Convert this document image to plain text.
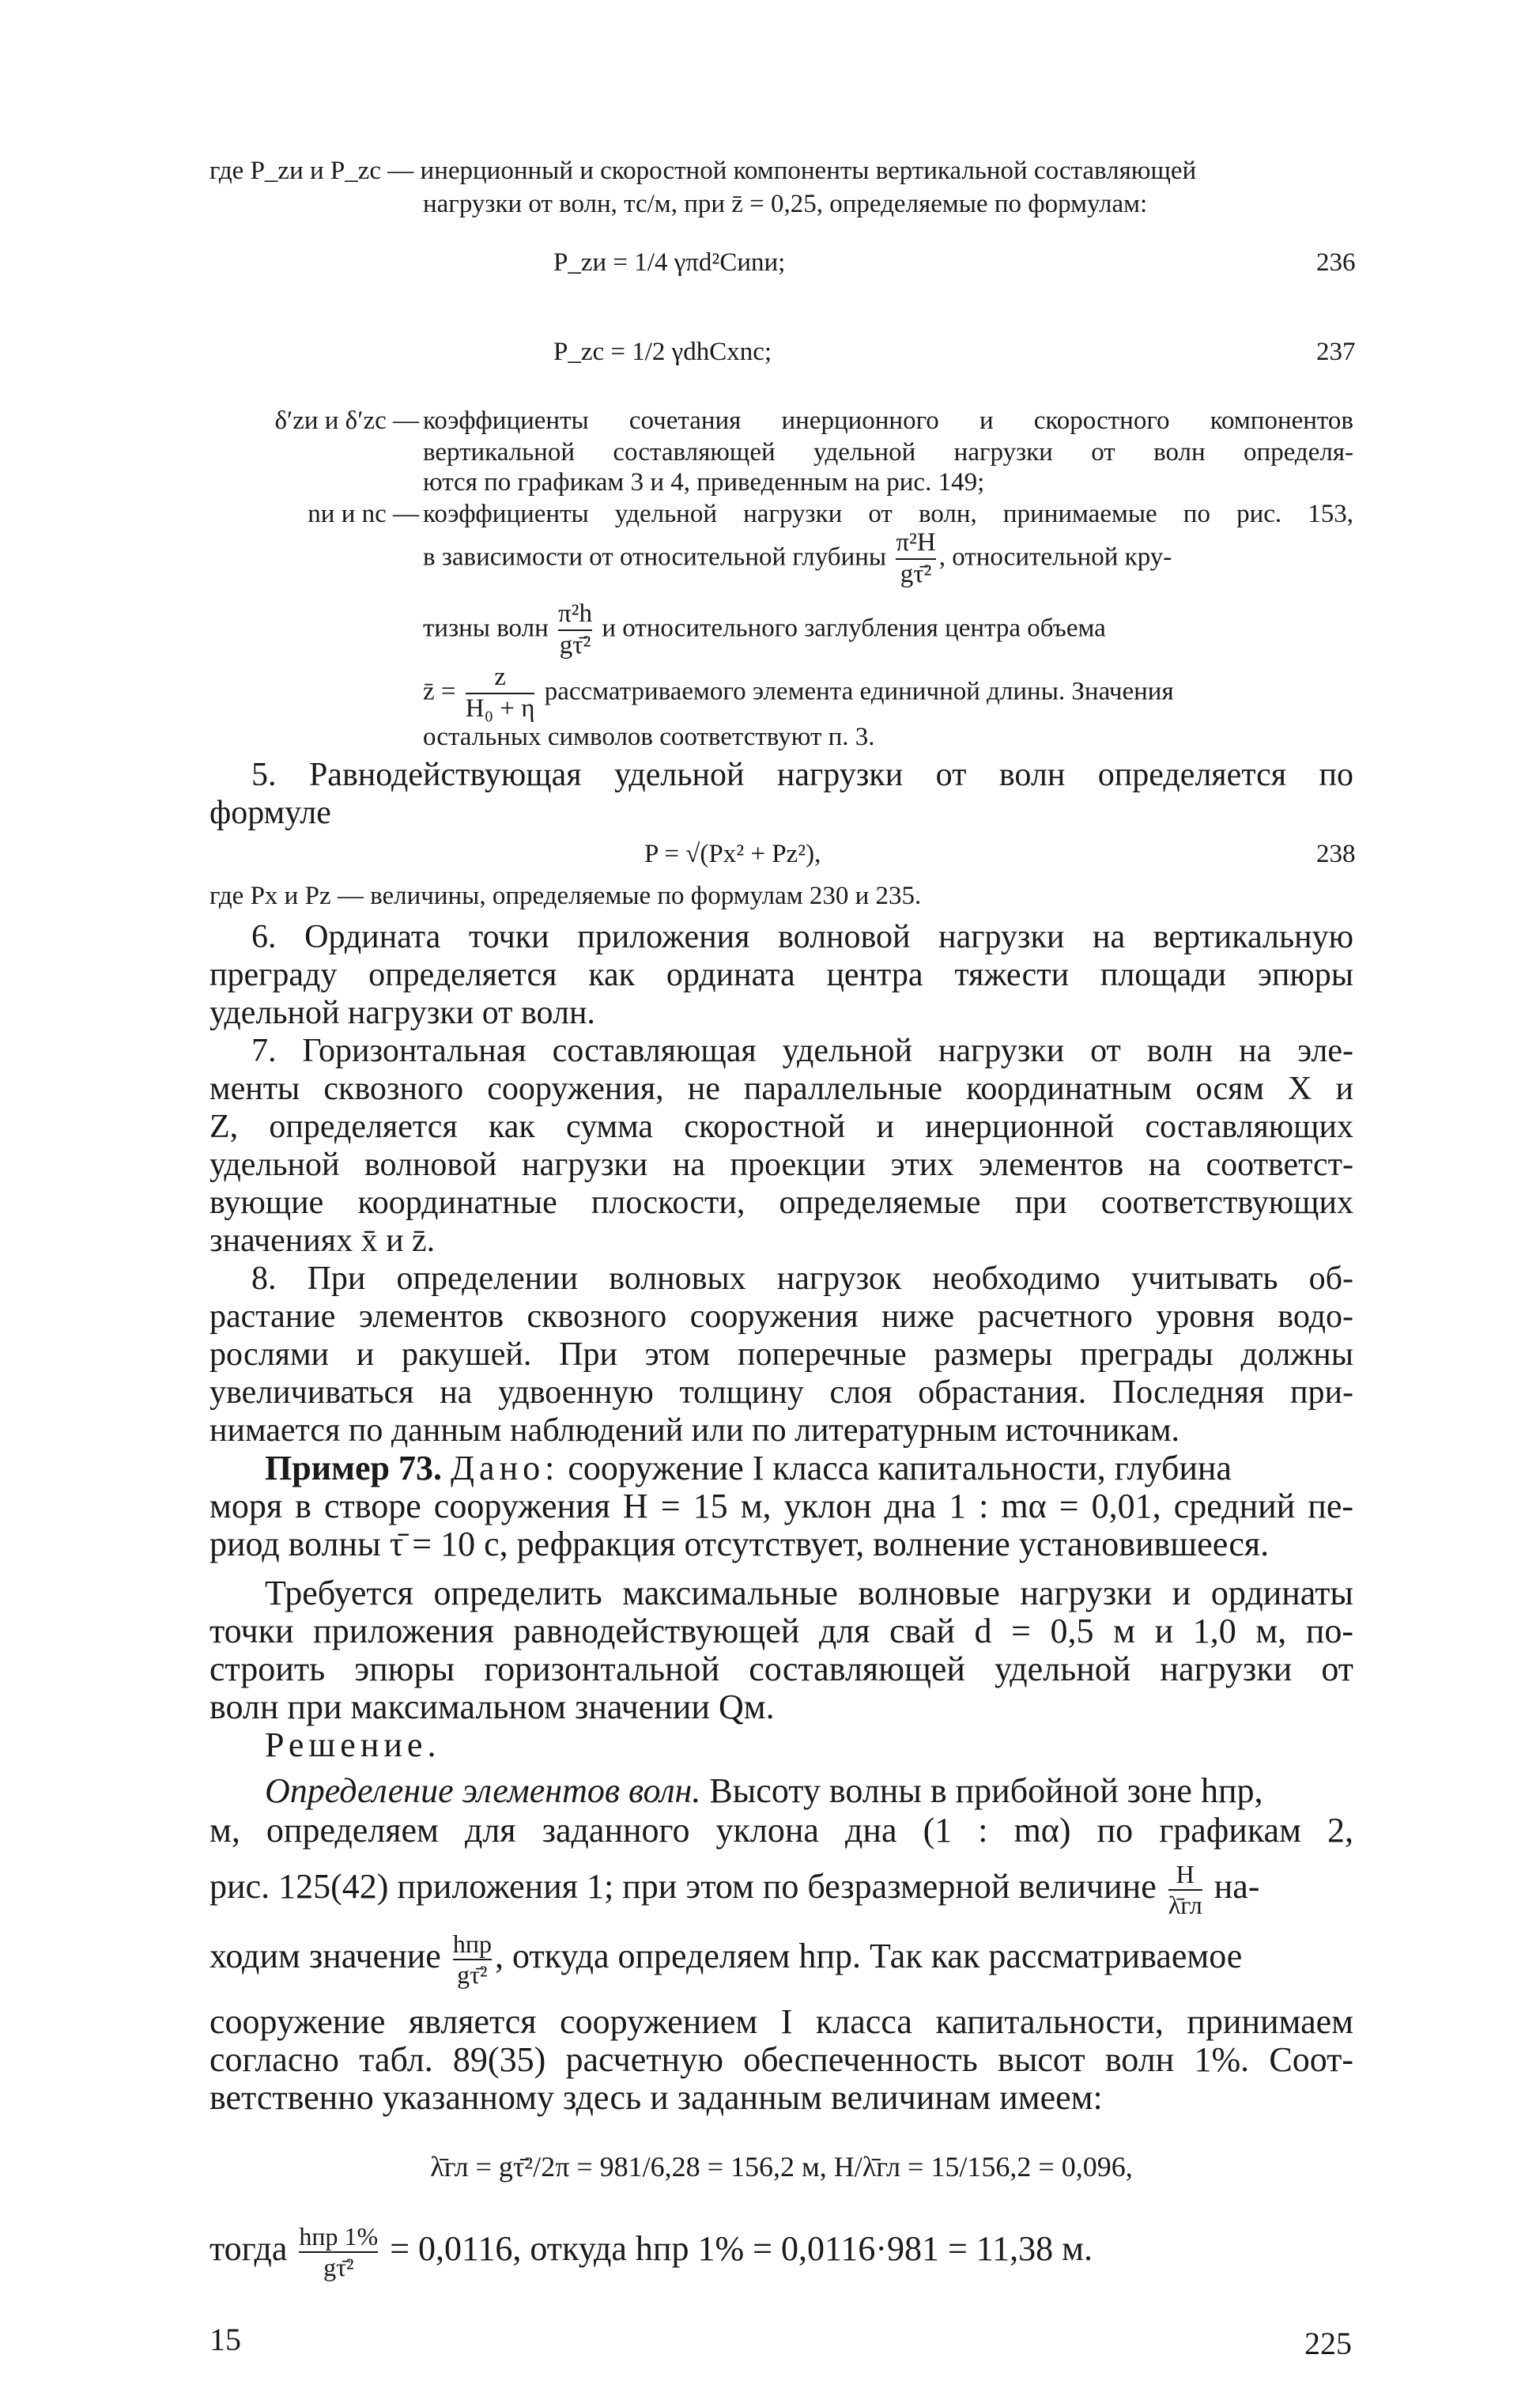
где P_zи и P_zc — инерционный и скоростной компоненты вертикальной составляющей
нагрузки от волн, тс/м, при z̄ = 0,25, определяемые по формулам:
P_zи = 1/4 γπd²Cиnи;	236
P_zc = 1/2 γdhCxnc;	237
δ′zи и δ′zc — коэффициенты сочетания инерционного и скоростного компонентов
вертикальной составляющей удельной нагрузки от волн определя-
ются по графикам 3 и 4, приведенным на рис. 149;
nи и nc — коэффициенты удельной нагрузки от волн, принимаемые по рис. 153,
в зависимости от относительной глубины $\frac{\text{π²H}}{\text{gτ̄²}}$ , относительной кру-
тизны волн $\frac{\text{π²h}}{\text{gτ̄²}}$ и относительного заглубления центра объема
z̄ = $\frac{z}{\text{H₀ + η}}$ рассматриваемого элемента единичной длины. Значения
остальных символов соответствуют п. 3.
5. Равнодействующая удельной нагрузки от волн определяется по
формуле
P = √(Px² + Pz²),	238
где Px и Pz — величины, определяемые по формулам 230 и 235.
6. Ордината точки приложения волновой нагрузки на вертикальную
преграду определяется как ордината центра тяжести площади эпюры
удельной нагрузки от волн.
7. Горизонтальная составляющая удельной нагрузки от волн на эле-
менты сквозного сооружения, не параллельные координатным осям X и
Z, определяется как сумма скоростной и инерционной составляющих
удельной волновой нагрузки на проекции этих элементов на соответст-
вующие координатные плоскости, определяемые при соответствующих
значениях x̄ и z̄.
8. При определении волновых нагрузок необходимо учитывать об-
растание элементов сквозного сооружения ниже расчетного уровня водо-
рослями и ракушей. При этом поперечные размеры преграды должны
увеличиваться на удвоенную толщину слоя обрастания. Последняя при-
нимается по данным наблюдений или по литературным источникам.
Пример 73. Дано: сооружение I класса капитальности, глубина
моря в створе сооружения H = 15 м, уклон дна 1 : mα = 0,01, средний пе-
риод волны τ̄ = 10 с, рефракция отсутствует, волнение установившееся.
Требуется определить максимальные волновые нагрузки и ординаты
точки приложения равнодействующей для свай d = 0,5 м и 1,0 м, по-
строить эпюры горизонтальной составляющей удельной нагрузки от
волн при максимальном значении Qм.
Решение.
Определение элементов волн. Высоту волны в прибойной зоне hпр,
м, определяем для заданного уклона дна (1 : mα) по графикам 2,
рис. 125(42) приложения 1; при этом по безразмерной величине H
λ̄гл на-
ходим значение hпр
gτ̄² , откуда определяем hпр. Так как рассматриваемое
сооружение является сооружением I класса капитальности, принимаем
согласно табл. 89(35) расчетную обеспеченность высот волн 1%. Соот-
ветственно указанному здесь и заданным величинам имеем:
λ̄гл = gτ̄²/2π = 981/6,28 = 156,2 м, H/λ̄гл = 15/156,2 = 0,096,
тогда hпр 1%
gτ̄²	= 0,0116, откуда hпр 1% = 0,0116·981 = 11,38 м.
15	225
